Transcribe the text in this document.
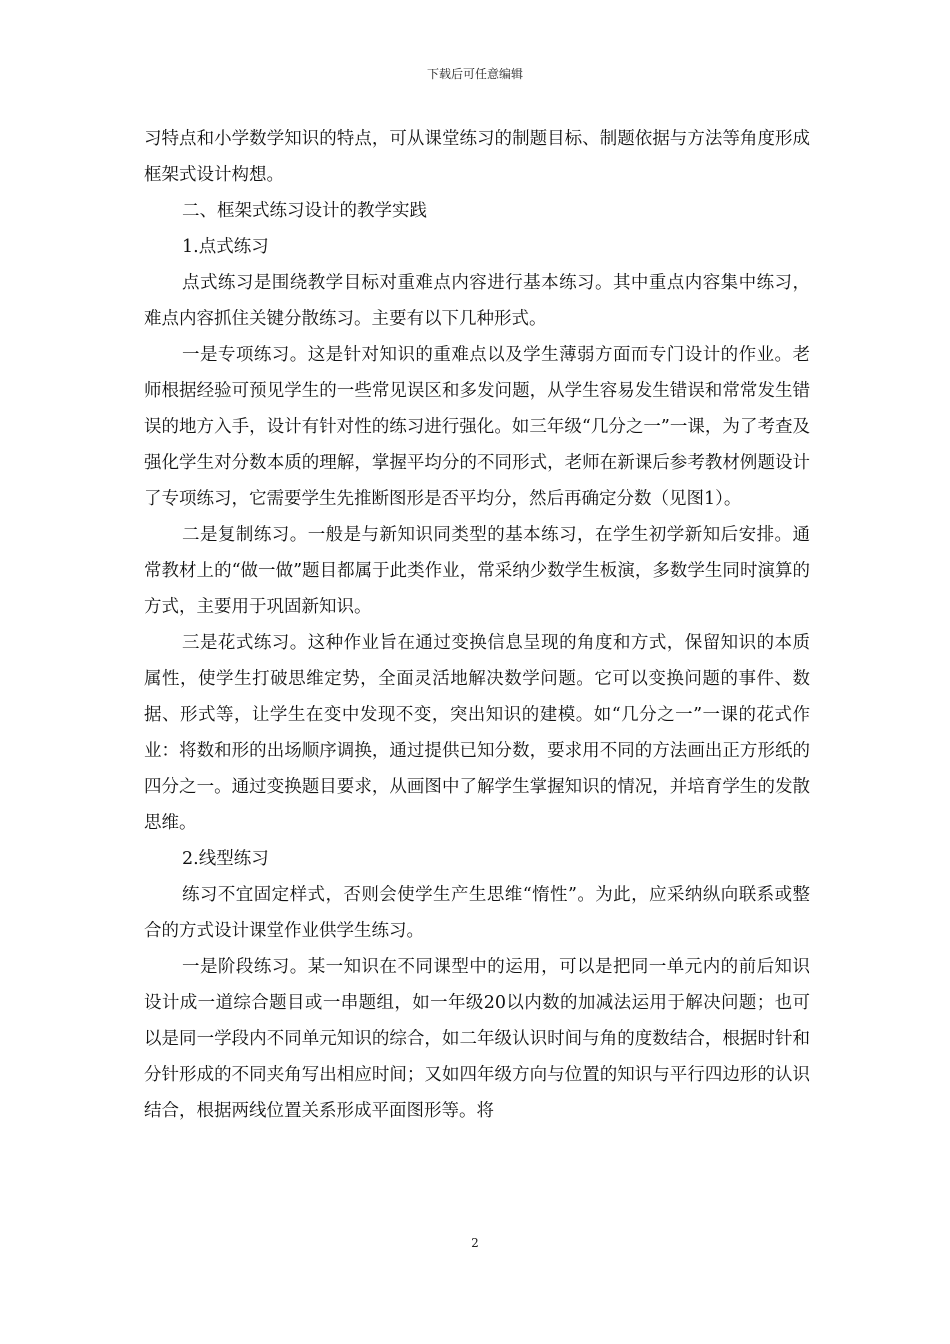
下载后可任意编辑

习特点和小学数学知识的特点，可从课堂练习的制题目标、制题依据与方法等角度形成框架式设计构想。

二、框架式练习设计的教学实践

1.点式练习

点式练习是围绕教学目标对重难点内容进行基本练习。其中重点内容集中练习，难点内容抓住关键分散练习。主要有以下几种形式。

一是专项练习。这是针对知识的重难点以及学生薄弱方面而专门设计的作业。老师根据经验可预见学生的一些常见误区和多发问题，从学生容易发生错误和常常发生错误的地方入手，设计有针对性的练习进行强化。如三年级“几分之一”一课，为了考查及强化学生对分数本质的理解，掌握平均分的不同形式，老师在新课后参考教材例题设计了专项练习，它需要学生先推断图形是否平均分，然后再确定分数（见图1）。

二是复制练习。一般是与新知识同类型的基本练习，在学生初学新知后安排。通常教材上的“做一做”题目都属于此类作业，常采纳少数学生板演，多数学生同时演算的方式，主要用于巩固新知识。

三是花式练习。这种作业旨在通过变换信息呈现的角度和方式，保留知识的本质属性，使学生打破思维定势，全面灵活地解决数学问题。它可以变换问题的事件、数据、形式等，让学生在变中发现不变，突出知识的建模。如“几分之一”一课的花式作业：将数和形的出场顺序调换，通过提供已知分数，要求用不同的方法画出正方形纸的四分之一。通过变换题目要求，从画图中了解学生掌握知识的情况，并培育学生的发散思维。

2.线型练习

练习不宜固定样式，否则会使学生产生思维“惰性”。为此，应采纳纵向联系或整合的方式设计课堂作业供学生练习。

一是阶段练习。某一知识在不同课型中的运用，可以是把同一单元内的前后知识设计成一道综合题目或一串题组，如一年级20以内数的加减法运用于解决问题；也可以是同一学段内不同单元知识的综合，如二年级认识时间与角的度数结合，根据时针和分针形成的不同夹角写出相应时间；又如四年级方向与位置的知识与平行四边形的认识结合，根据两线位置关系形成平面图形等。将

2
